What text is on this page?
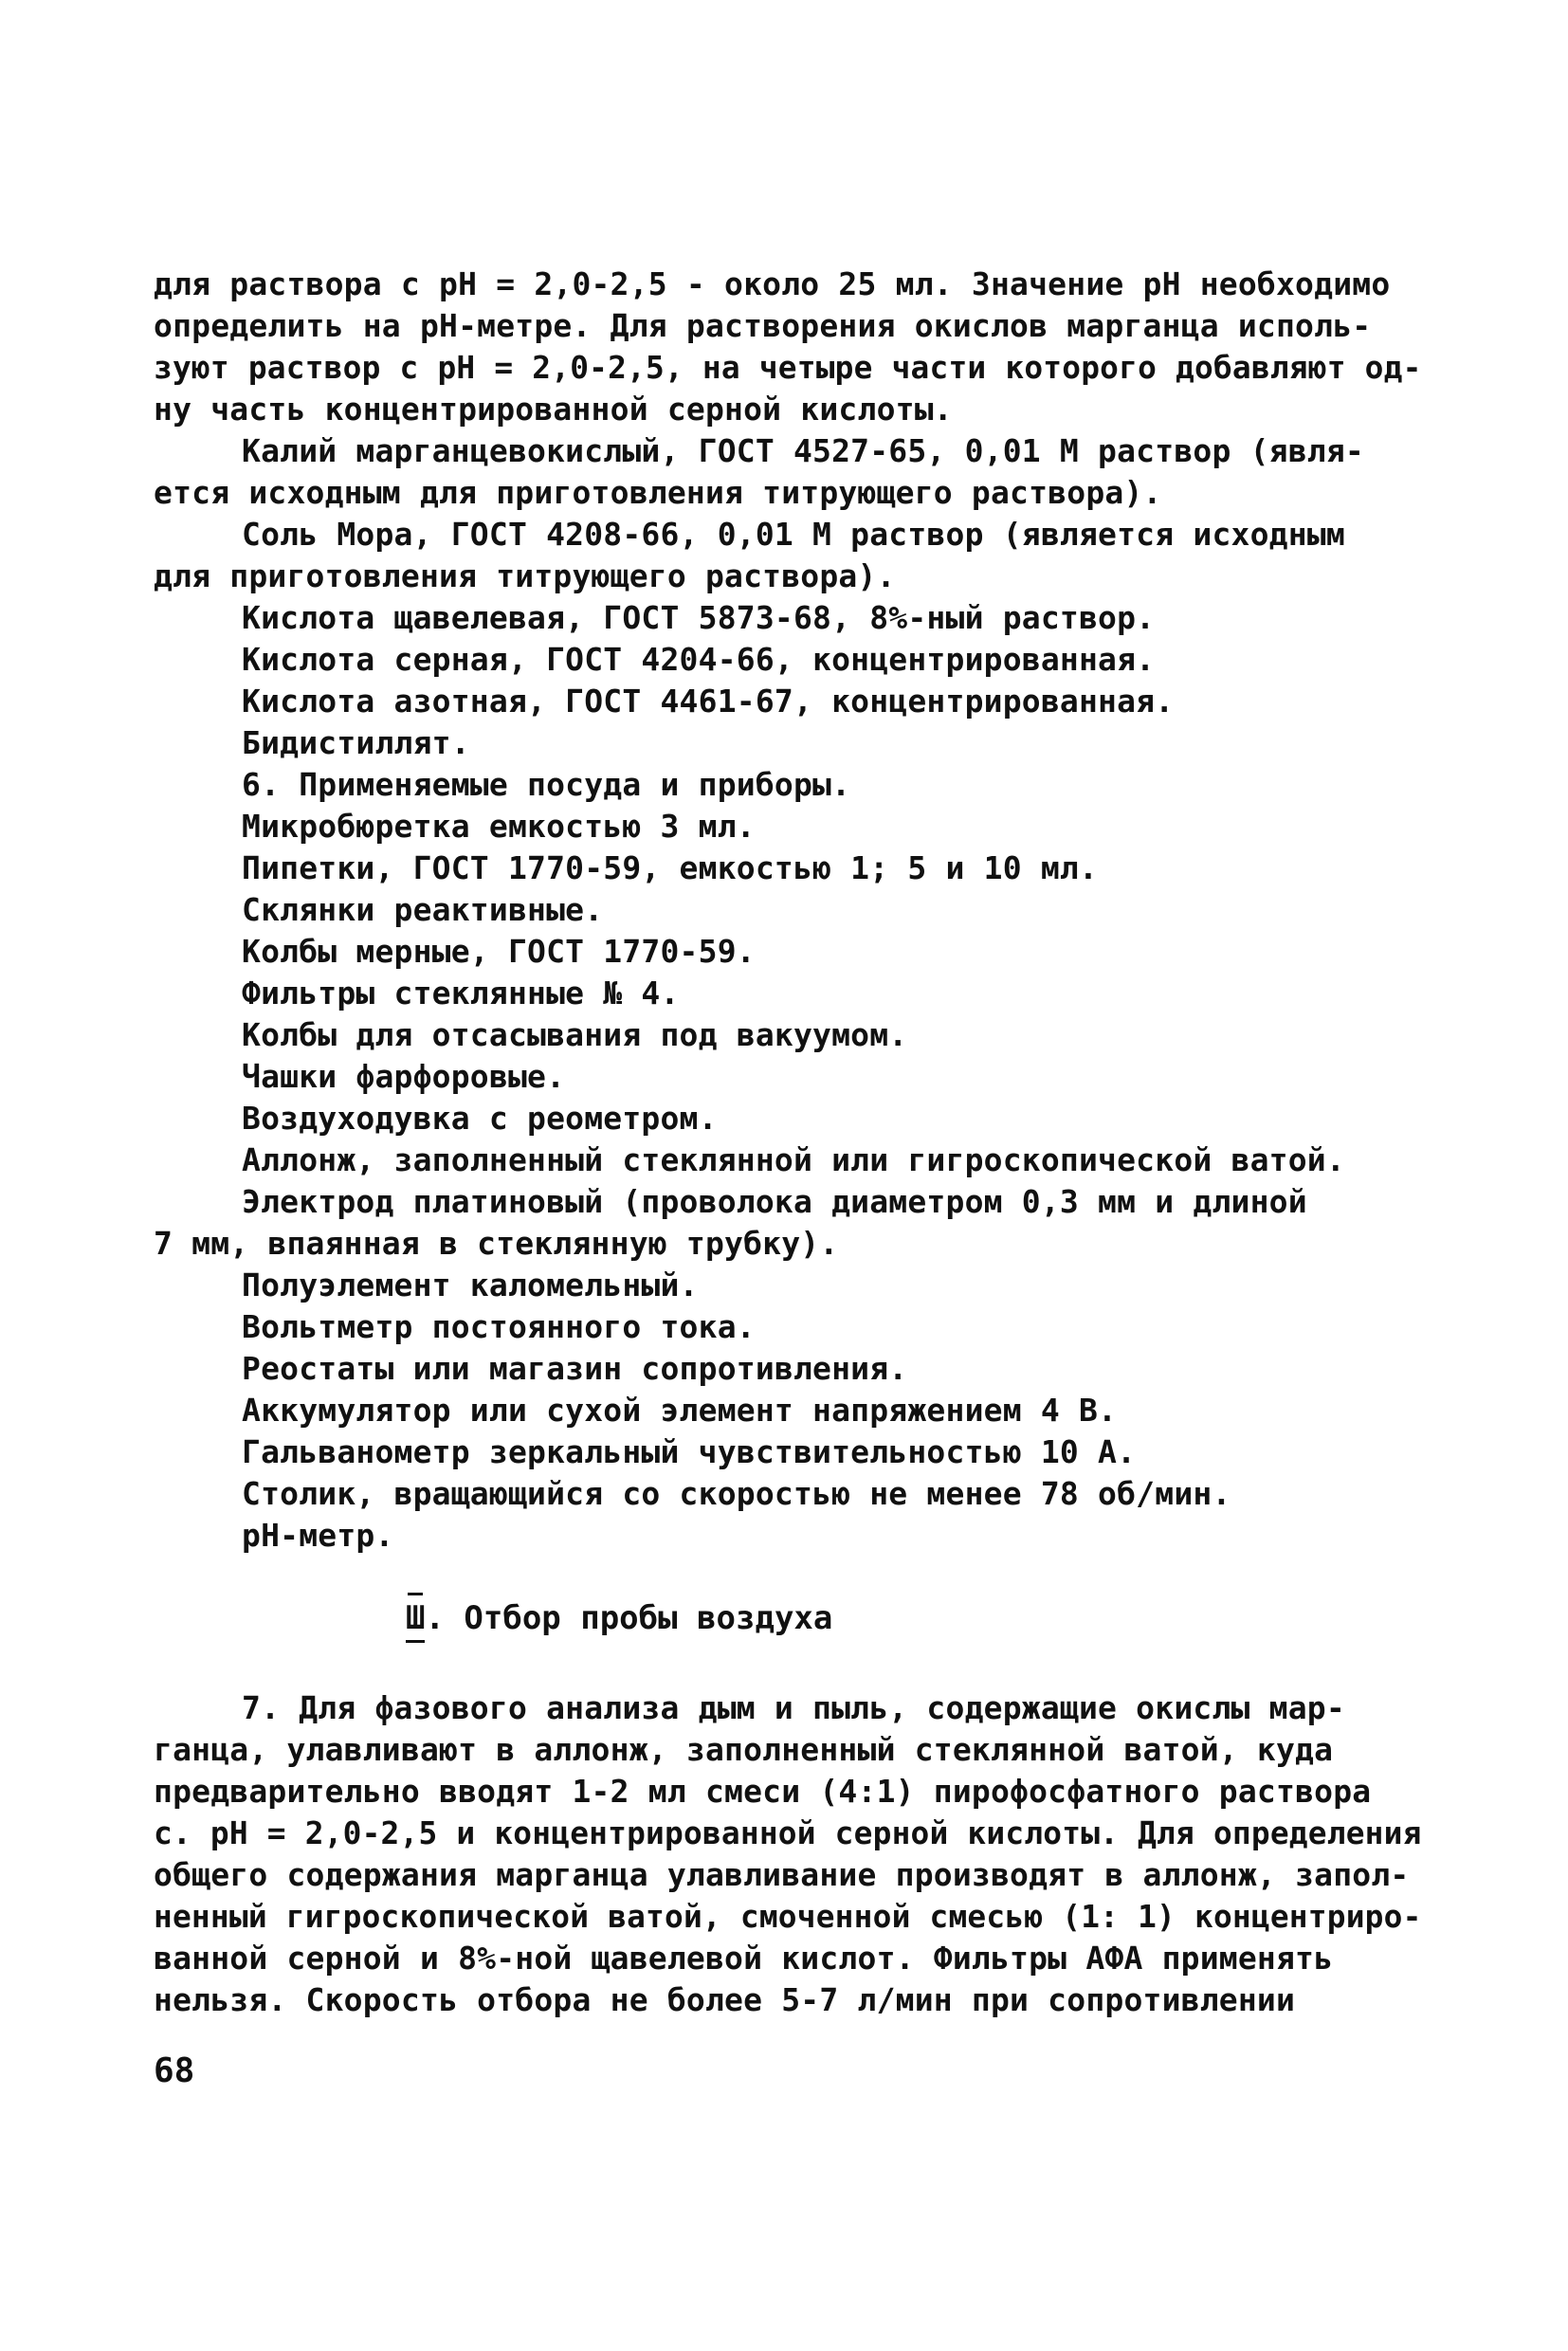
для раствора с pH = 2,0-2,5 - около 25 мл. Значение pH необходимо
определить на pH-метре. Для растворения окислов марганца исполь-
зуют раствор с pH = 2,0-2,5, на четыре части которого добавляют од-
ну часть концентрированной серной кислоты.
Калий марганцевокислый, ГОСТ 4527-65, 0,01 М раствор (явля-
ется исходным для приготовления титрующего раствора).
Соль Мора, ГОСТ 4208-66, 0,01 М раствор (является исходным
для приготовления титрующего раствора).
Кислота щавелевая, ГОСТ 5873-68, 8%-ный раствор.
Кислота серная, ГОСТ 4204-66, концентрированная.
Кислота азотная, ГОСТ 4461-67, концентрированная.
Бидистиллят.
6. Применяемые посуда и приборы.
Микробюретка емкостью 3 мл.
Пипетки, ГОСТ 1770-59, емкостью 1; 5 и 10 мл.
Склянки реактивные.
Колбы мерные, ГОСТ 1770-59.
Фильтры стеклянные № 4.
Колбы для отсасывания под вакуумом.
Чашки фарфоровые.
Воздуходувка с реометром.
Аллонж, заполненный стеклянной или гигроскопической ватой.
Электрод платиновый (проволока диаметром 0,3 мм и длиной
7 мм, впаянная в стеклянную трубку).
Полуэлемент каломельный.
Вольтметр постоянного тока.
Реостаты или магазин сопротивления.
Аккумулятор или сухой элемент напряжением 4 В.
Гальванометр зеркальный чувствительностью 10 А.
Столик, вращающийся со скоростью не менее 78 об/мин.
pH-метр.
Ш. Отбор пробы воздуха
7. Для фазового анализа дым и пыль, содержащие окислы мар-
ганца, улавливают в аллонж, заполненный стеклянной ватой, куда
предварительно вводят 1-2 мл смеси (4:1) пирофосфатного раствора
с. pH = 2,0-2,5 и концентрированной серной кислоты. Для определения
общего содержания марганца улавливание производят в аллонж, запол-
ненный гигроскопической ватой, смоченной смесью (1: 1) концентриро-
ванной серной и 8%-ной щавелевой кислот. Фильтры АФА применять
нельзя. Скорость отбора не более 5-7 л/мин при сопротивлении
68
